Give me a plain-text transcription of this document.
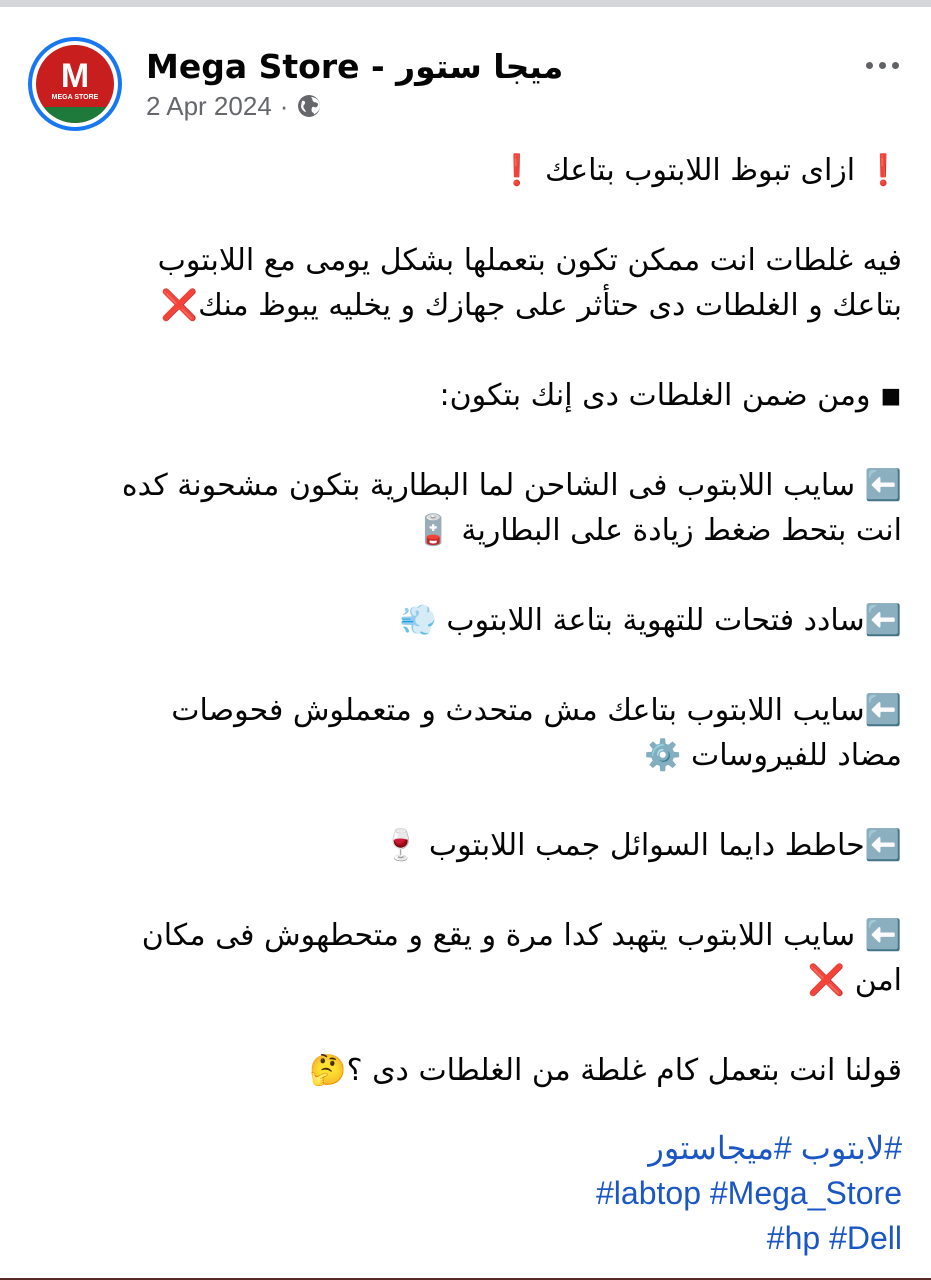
M
MEGA STORE
Mega Store - ميجا ستور
2 Apr 2024 ·

❗ ازاى تبوظ اللابتوب بتاعك ❗

فيه غلطات انت ممكن تكون بتعملها بشكل يومى مع اللابتوب

بتاعك و الغلطات دى حتأثر على جهازك و يخليه يبوظ منك❌

◾ ومن ضمن الغلطات دى إنك بتكون:

⬅️ سايب اللابتوب فى الشاحن لما البطارية بتكون مشحونة كده

انت بتحط ضغط زيادة على البطارية 🪫

⬅️سادد فتحات للتهوية بتاعة اللابتوب 💨

⬅️سايب اللابتوب بتاعك مش متحدث و متعملوش فحوصات

مضاد للفيروسات ⚙️

⬅️حاطط دايما السوائل جمب اللابتوب 🍷

⬅️ سايب اللابتوب يتهبد كدا مرة و يقع و متحطهوش فى مكان

امن ❌

قولنا انت بتعمل كام غلطة من الغلطات دى ؟🤔

#لابتوب #ميجاستور
#labtop #Mega_Store
#hp #Dell
